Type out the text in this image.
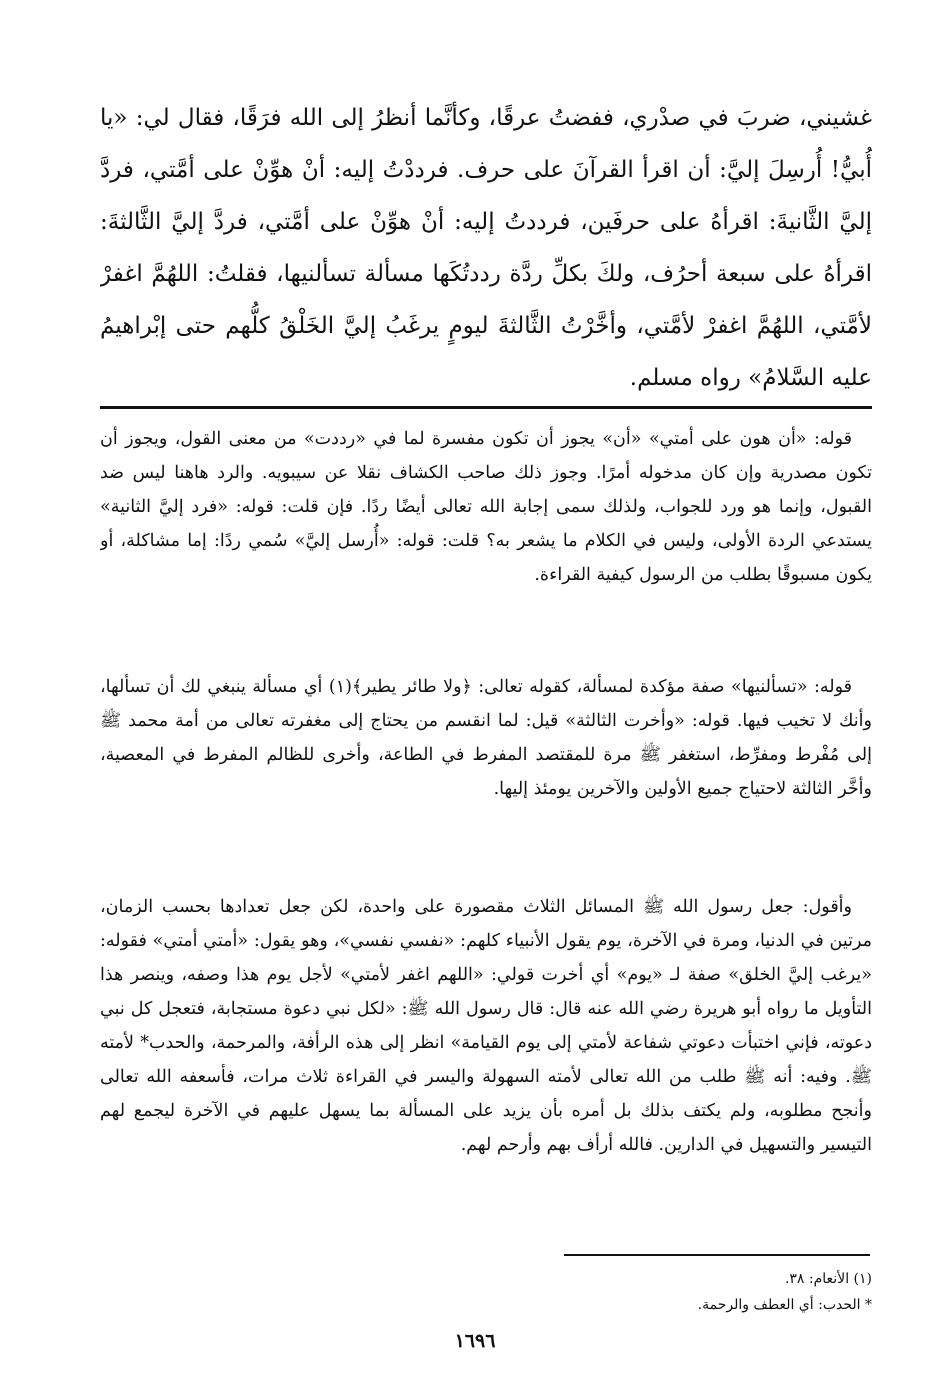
غشيني، ضربَ في صدْري، ففضتُ عرقًا، وكأنَّما أنظرُ إلى الله فرَقًا، فقال لي: «يا أُبيُّ! أُرسِلَ إليَّ: أن اقرأ القرآنَ على حرف. فرددْتُ إليه: أنْ هوِّنْ على أمَّتي، فردَّ إليَّ الثَّانيةَ: اقرأهُ على حرفَين، فرددتُ إليه: أنْ هوِّنْ على أمَّتي، فردَّ إليَّ الثَّالثةَ: اقرأهُ على سبعة أحرُف، ولكَ بكلِّ ردَّة رددتُكَها مسألة تسألنيها، فقلتُ: اللهُمَّ اغفرْ لأمَّتي، اللهُمَّ اغفرْ لأمَّتي، وأخَّرْتُ الثَّالثةَ ليومٍ يرغَبُ إليَّ الخَلْقُ كلُّهم حتى إبْراهيمُ عليه السَّلامُ» رواه مسلم.

قوله: «أن هون على أمتي» «أن» يجوز أن تكون مفسرة لما في «رددت» من معنى القول، ويجوز أن تكون مصدرية وإن كان مدخوله أمرًا. وجوز ذلك صاحب الكشاف نقلا عن سيبويه. والرد هاهنا ليس ضد القبول، وإنما هو ورد للجواب، ولذلك سمى إجابة الله تعالى أيضًا ردًا. فإن قلت: قوله: «فرد إليَّ الثانية» يستدعي الردة الأولى، وليس في الكلام ما يشعر به؟ قلت: قوله: «أُرسل إليَّ» سُمي ردًا: إما مشاكلة، أو يكون مسبوقًا بطلب من الرسول كيفية القراءة.

قوله: «تسألنيها» صفة مؤكدة لمسألة، كقوله تعالى: ﴿ولا طائر يطير﴾(١) أي مسألة ينبغي لك أن تسألها، وأنك لا تخيب فيها. قوله: «وأخرت الثالثة» قيل: لما انقسم من يحتاج إلى مغفرته تعالى من أمة محمد ﷺ إلى مُفْرط ومفرِّط، استغفر ﷺ مرة للمقتصد المفرط في الطاعة، وأخرى للظالم المفرط في المعصية، وأخَّر الثالثة لاحتياج جميع الأولين والآخرين يومئذ إليها.

وأقول: جعل رسول الله ﷺ المسائل الثلاث مقصورة على واحدة، لكن جعل تعدادها بحسب الزمان، مرتين في الدنيا، ومرة في الآخرة، يوم يقول الأنبياء كلهم: «نفسي نفسي»، وهو يقول: «أمتي أمتي» فقوله: «يرغب إليَّ الخلق» صفة لـ «يوم» أي أخرت قولي: «اللهم اغفر لأمتي» لأجل يوم هذا وصفه، وينصر هذا التأويل ما رواه أبو هريرة رضي الله عنه قال: قال رسول الله ﷺ: «لكل نبي دعوة مستجابة، فتعجل كل نبي دعوته، فإني اختبأت دعوتي شفاعة لأمتي إلى يوم القيامة» انظر إلى هذه الرأفة، والمرحمة، والحدب* لأمته ﷺ. وفيه: أنه ﷺ طلب من الله تعالى لأمته السهولة واليسر في القراءة ثلاث مرات، فأسعفه الله تعالى وأنجح مطلوبه، ولم يكتف بذلك بل أمره بأن يزيد على المسألة بما يسهل عليهم في الآخرة ليجمع لهم التيسير والتسهيل في الدارين. فالله أرأف بهم وأرحم لهم.

(١) الأنعام: ٣٨.
* الحدب: أي العطف والرحمة.
١٦٩٦
